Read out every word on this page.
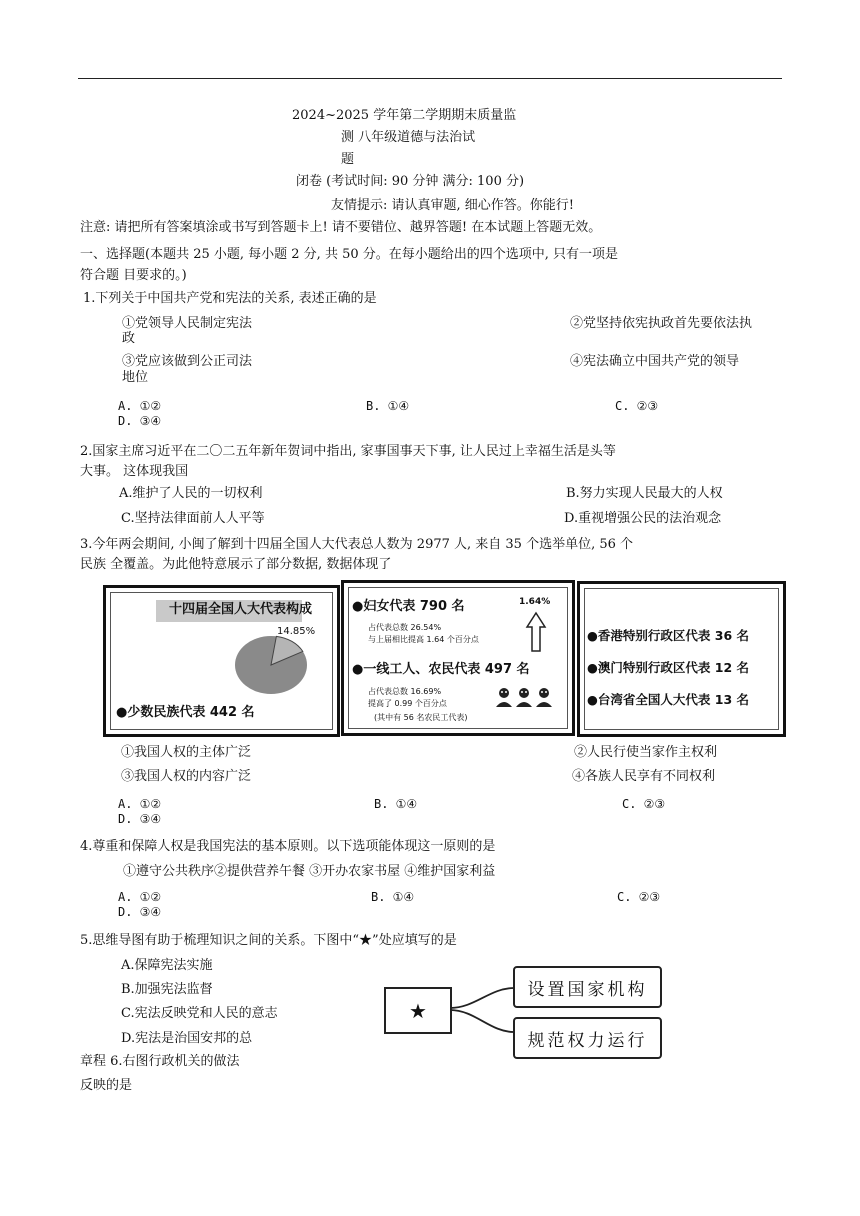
2024~2025 学年第二学期期末质量监
测 八年级道德与法治试
题
闭卷 (考试时间: 90 分钟 满分: 100 分)
友情提示: 请认真审题, 细心作答。你能行!
注意: 请把所有答案填涂或书写到答题卡上! 请不要错位、越界答题! 在本试题上答题无效。
一、选择题(本题共 25 小题, 每小题 2 分, 共 50 分。在每小题给出的四个选项中, 只有一项是
符合题 目要求的。)
1.下列关于中国共产党和宪法的关系, 表述正确的是
①党领导人民制定宪法	②党坚持依宪执政首先要依法执
政
③党应该做到公正司法	④宪法确立中国共产党的领导
地位
A. ①②	B. ①④	C. ②③
D. ③④
2.国家主席习近平在二〇二五年新年贺词中指出, 家事国事天下事, 让人民过上幸福生活是头等
大事。 这体现我国
A.维护了人民的一切权利	B.努力实现人民最大的人权
C.坚持法律面前人人平等	D.重视增强公民的法治观念
3.今年两会期间, 小闽了解到十四届全国人大代表总人数为 2977 人, 来自 35 个选举单位, 56 个
民族 全覆盖。为此他特意展示了部分数据, 数据体现了
十四届全国人大代表构成
14.85%
●少数民族代表 442 名
●妇女代表 790 名	1.64%
占代表总数 26.54%
与上届相比提高 1.64 个百分点
●一线工人、农民代表 497 名
占代表总数 16.69%
提高了 0.99 个百分点
(其中有 56 名农民工代表)
●香港特别行政区代表 36 名
●澳门特别行政区代表 12 名
●台湾省全国人大代表 13 名
①我国人权的主体广泛	②人民行使当家作主权利
③我国人权的内容广泛	④各族人民享有不同权利
A. ①②	B. ①④	C. ②③
D. ③④
4.尊重和保障人权是我国宪法的基本原则。以下选项能体现这一原则的是
①遵守公共秩序②提供营养午餐 ③开办农家书屋 ④维护国家利益
A. ①②	B. ①④	C. ②③
D. ③④
5.思维导图有助于梳理知识之间的关系。下图中“★”处应填写的是
A.保障宪法实施
B.加强宪法监督
C.宪法反映党和人民的意志
D.宪法是治国安邦的总
★
设置国家机构
规范权力运行
章程 6.右图行政机关的做法
反映的是
